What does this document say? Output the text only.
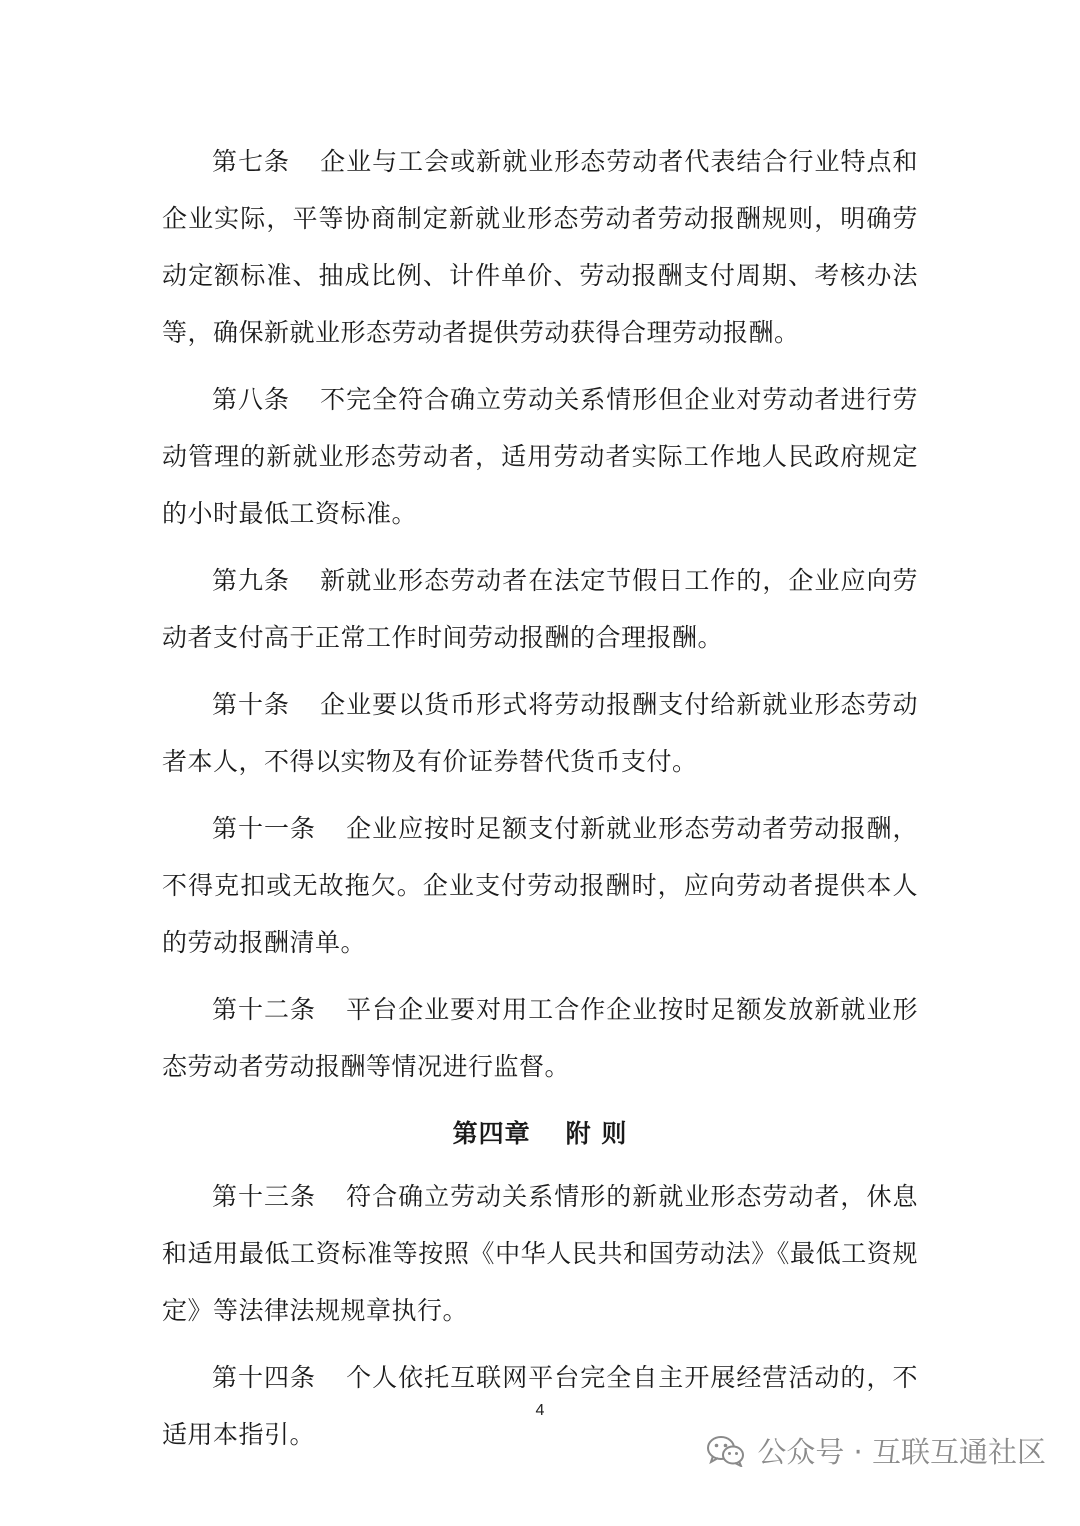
第七条 企业与工会或新就业形态劳动者代表结合行业特点和企业实际，平等协商制定新就业形态劳动者劳动报酬规则，明确劳动定额标准、抽成比例、计件单价、劳动报酬支付周期、考核办法等，确保新就业形态劳动者提供劳动获得合理劳动报酬。

第八条 不完全符合确立劳动关系情形但企业对劳动者进行劳动管理的新就业形态劳动者，适用劳动者实际工作地人民政府规定的小时最低工资标准。

第九条 新就业形态劳动者在法定节假日工作的，企业应向劳动者支付高于正常工作时间劳动报酬的合理报酬。

第十条 企业要以货币形式将劳动报酬支付给新就业形态劳动者本人，不得以实物及有价证券替代货币支付。

第十一条 企业应按时足额支付新就业形态劳动者劳动报酬，不得克扣或无故拖欠。企业支付劳动报酬时，应向劳动者提供本人的劳动报酬清单。

第十二条 平台企业要对用工合作企业按时足额发放新就业形态劳动者劳动报酬等情况进行监督。

第四章 附 则

第十三条 符合确立劳动关系情形的新就业形态劳动者，休息和适用最低工资标准等按照《中华人民共和国劳动法》《最低工资规定》等法律法规规章执行。

第十四条 个人依托互联网平台完全自主开展经营活动的，不适用本指引。

4
公众号 · 互联互通社区
